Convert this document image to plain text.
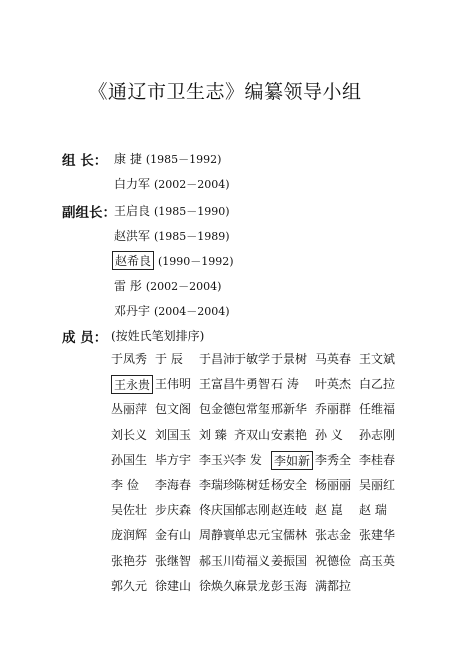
《通辽市卫生志》编纂领导小组
组 长： 康 捷 (1985－1992)
白力军 (2002－2004)
副组长：
王启良 (1985－1990)
赵洪军 (1985－1989)
赵希良 (1990－1992)
雷 彤 (2002－2004)
邓丹宇 (2004－2004)
成 员： (按姓氏笔划排序)
于凤秀 于 辰 于昌沛
于敏学 于景树 马英春 王文斌
王永贵 王伟明 王富昌
牛勇智 石 涛 叶英杰 白乙拉
丛丽萍 包文阁 包金德
包常玺 邢新华 乔丽群 任维福
刘长义 刘国玉 刘 臻 齐双山 安素艳 孙 义 孙志刚
孙国生 毕方宇 李玉兴
李 发 李如新 李秀全 李桂春
李 俭 李海春 李瑞珍
陈树廷 杨安全 杨丽丽 吴丽红
吴佐壮 步庆森 佟庆国
郁志刚 赵连岐 赵 崑 赵 瑞
庞润辉 金有山 周静寰
单忠元 宝儒林 张志金 张建华
张艳芬 张继智 郝玉川
荀福义 姜振国 祝德俭 高玉英
郭久元 徐建山 徐焕久
麻景龙 彭玉海 满都拉
